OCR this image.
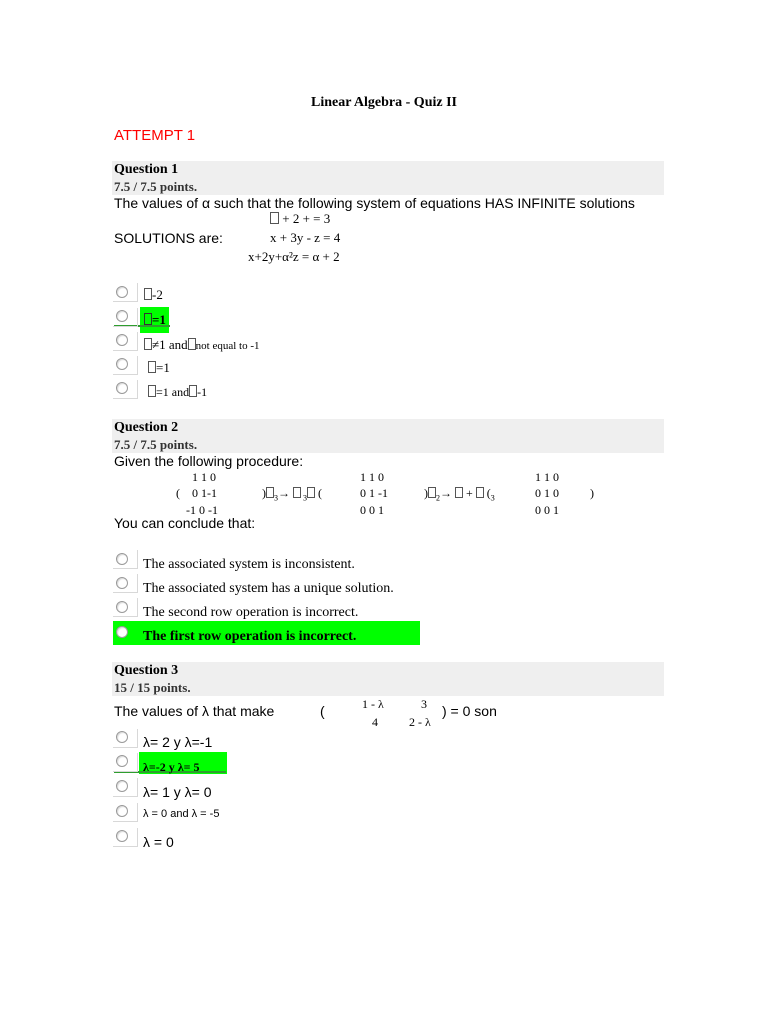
Linear Algebra - Quiz II
ATTEMPT 1
Question 1
7.5 / 7.5 points.
The values of α such that the following system of equations HAS INFINITE solutions
+ 2 + = 3
SOLUTIONS are:	x + 3y - z = 4
x+2y+α²z = α + 2
-2
=1
≠1 and not equal to -1
=1
=1 and -1
Question 2
7.5 / 7.5 points.
Given the following procedure:
1 1 0
( 0 1-1
-1 0 -1
) $_3$→  $_3$ (
1 1 0
0 1 -1
0 0 1
) $_2\to + (_3$
1 1 0
0 1 0	)
0 0 1
You can conclude that:
The associated system is inconsistent.
The associated system has a unique solution.
The second row operation is incorrect.
The first row operation is incorrect.
Question 3
15 / 15 points.
The values of λ that make	(	1 - λ	3
4	2 - λ
) = 0 son
λ= 2 y λ=-1
λ=-2 y λ= 5
λ= 1 y λ= 0
λ = 0 and λ = -5
λ = 0
